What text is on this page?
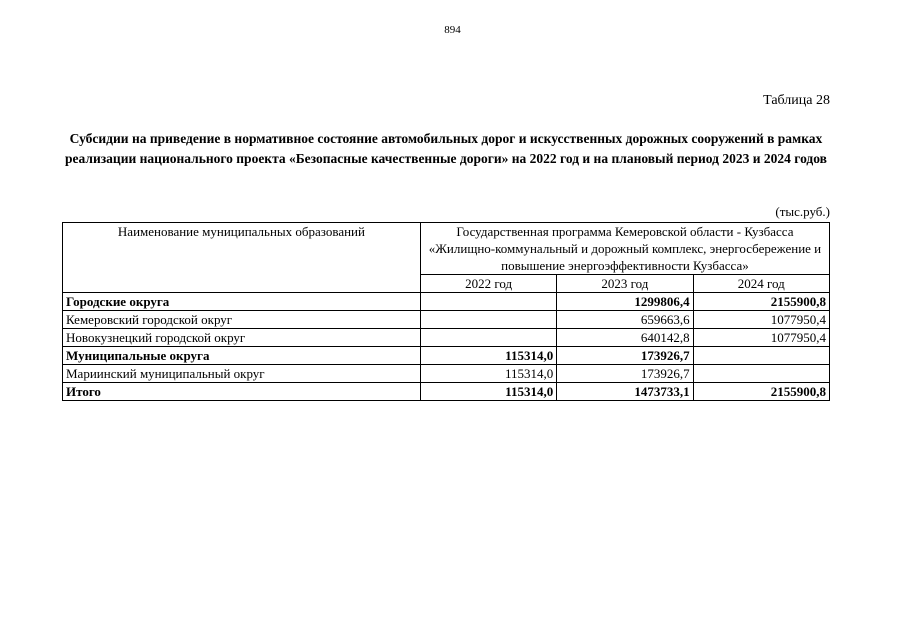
894
Таблица 28
Субсидии на приведение в нормативное состояние автомобильных дорог и искусственных дорожных сооружений в рамках реализации национального проекта «Безопасные качественные дороги» на 2022 год и на плановый период 2023 и 2024 годов
(тыс.руб.)
Наименование муниципальных образований	Государственная программа Кемеровской области - Кузбасса «Жилищно-коммунальный и дорожный комплекс, энергосбережение и повышение энергоэффективности Кузбасса»		
	2022 год	2023 год	2024 год
Городские округа		1299806,4	2155900,8
Кемеровский городской округ		659663,6	1077950,4
Новокузнецкий городской округ		640142,8	1077950,4
Муниципальные округа	115314,0	173926,7	
Мариинский муниципальный округ	115314,0	173926,7	
Итого	115314,0	1473733,1	2155900,8
